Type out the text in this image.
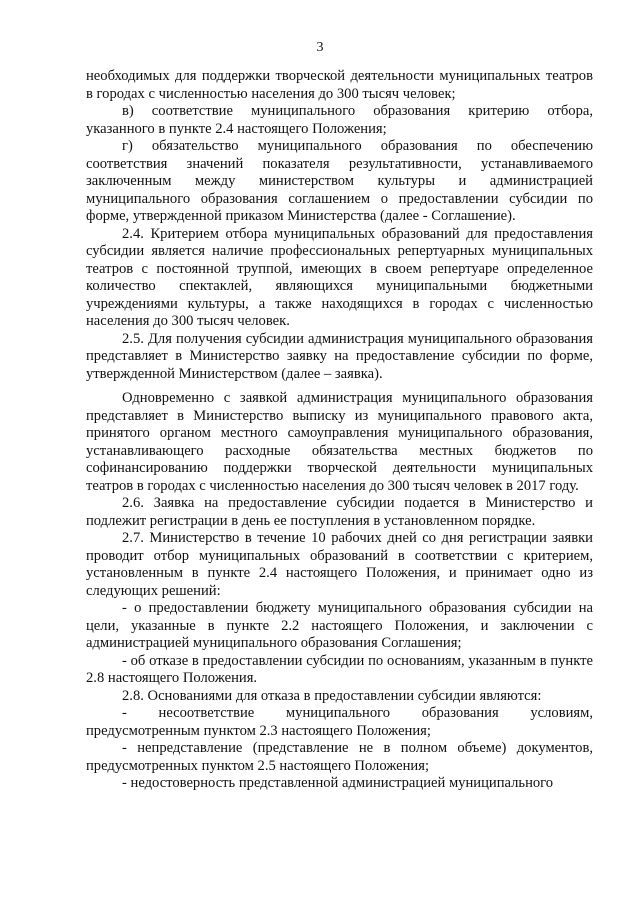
3

необходимых для поддержки творческой деятельности муниципальных театров в городах с численностью населения до 300 тысяч человек;

в) соответствие муниципального образования критерию отбора, указанного в пункте 2.4 настоящего Положения;

г) обязательство муниципального образования по обеспечению соответствия значений показателя результативности, устанавливаемого заключенным между министерством культуры и администрацией муниципального образования соглашением о предоставлении субсидии по форме, утвержденной приказом Министерства (далее - Соглашение).

2.4. Критерием отбора муниципальных образований для предоставления субсидии является наличие профессиональных репертуарных муниципальных театров с постоянной труппой, имеющих в своем репертуаре определенное количество спектаклей, являющихся муниципальными бюджетными учреждениями культуры, а также находящихся в городах с численностью населения до 300 тысяч человек.

2.5. Для получения субсидии администрация муниципального образования представляет в Министерство заявку на предоставление субсидии по форме, утвержденной Министерством (далее – заявка).

Одновременно с заявкой администрация муниципального образования представляет в Министерство выписку из муниципального правового акта, принятого органом местного самоуправления муниципального образования, устанавливающего расходные обязательства местных бюджетов по софинансированию поддержки творческой деятельности муниципальных театров в городах с численностью населения до 300 тысяч человек в 2017 году.

2.6. Заявка на предоставление субсидии подается в Министерство и подлежит регистрации в день ее поступления в установленном порядке.

2.7. Министерство в течение 10 рабочих дней со дня регистрации заявки проводит отбор муниципальных образований в соответствии с критерием, установленным в пункте 2.4 настоящего Положения, и принимает одно из следующих решений:

- о предоставлении бюджету муниципального образования субсидии на цели, указанные в пункте 2.2 настоящего Положения, и заключении с администрацией муниципального образования Соглашения;

- об отказе в предоставлении субсидии по основаниям, указанным в пункте 2.8 настоящего Положения.

2.8. Основаниями для отказа в предоставлении субсидии являются:

- несоответствие муниципального образования условиям, предусмотренным пунктом 2.3 настоящего Положения;

- непредставление (представление не в полном объеме) документов, предусмотренных пунктом 2.5 настоящего Положения;

- недостоверность представленной администрацией муниципального
